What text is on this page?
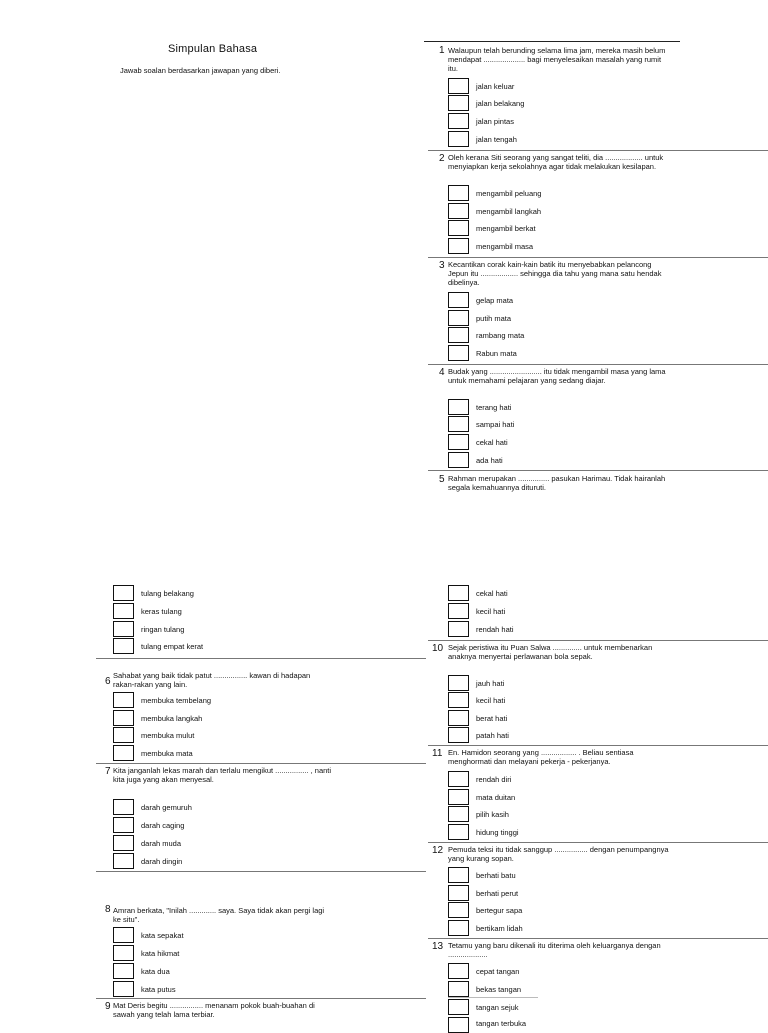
Simpulan Bahasa
Jawab soalan berdasarkan jawapan yang diberi.
1 Walaupun telah berunding selama lima jam, mereka masih belum mendapat .................... bagi menyelesaikan masalah yang rumit itu.
jalan keluar
jalan belakang
jalan pintas
jalan tengah
2 Oleh kerana Siti seorang yang sangat teliti, dia .................. untuk menyiapkan kerja sekolahnya agar tidak melakukan kesilapan.
mengambil peluang
mengambil langkah
mengambil berkat
mengambil masa
3 Kecantikan corak kain-kain batik itu menyebabkan pelancong Jepun itu .................. sehingga dia tahu yang mana satu hendak dibelinya.
gelap mata
putih mata
rambang mata
Rabun mata
4 Budak yang ......................... itu tidak mengambil masa yang lama untuk memahami pelajaran yang sedang diajar.
terang hati
sampai hati
cekal hati
ada hati
5 Rahman merupakan ............... pasukan Harimau. Tidak hairanlah segala kemahuannya dituruti.
cekal hati
kecil hati
rendah hati
10 Sejak peristiwa itu Puan Salwa .............. untuk membenarkan anaknya menyertai perlawanan bola sepak.
jauh hati
kecil hati
berat hati
patah hati
11 En. Hamidon seorang yang ................. . Beliau sentiasa menghormati dan melayani pekerja - pekerjanya.
rendah diri
mata duitan
pilih kasih
hidung tinggi
12 Pemuda teksi itu tidak sanggup ................ dengan penumpangnya yang kurang sopan.
berhati batu
berhati perut
bertegur sapa
bertikam lidah
13 Tetamu yang baru dikenali itu diterima oleh keluarganya dengan ...................
cepat tangan
bekas tangan
tangan sejuk
tangan terbuka
tulang belakang
keras tulang
ringan tulang
tulang empat kerat
6
Sahabat yang baik tidak patut ................ kawan di hadapan rakan-rakan yang lain.
membuka tembelang
membuka langkah
membuka mulut
membuka mata
7 Kita janganlah lekas marah dan terlalu mengikut ................ , nanti kita juga yang akan menyesal.
darah gemuruh
darah caging
darah muda
darah dingin
8 Amran berkata, "Inilah ............. saya. Saya tidak akan pergi lagi ke situ".
kata sepakat
kata hikmat
kata dua
kata putus
9 Mat Deris begitu ................ menanam pokok buah-buahan di sawah yang telah lama terbiar.
